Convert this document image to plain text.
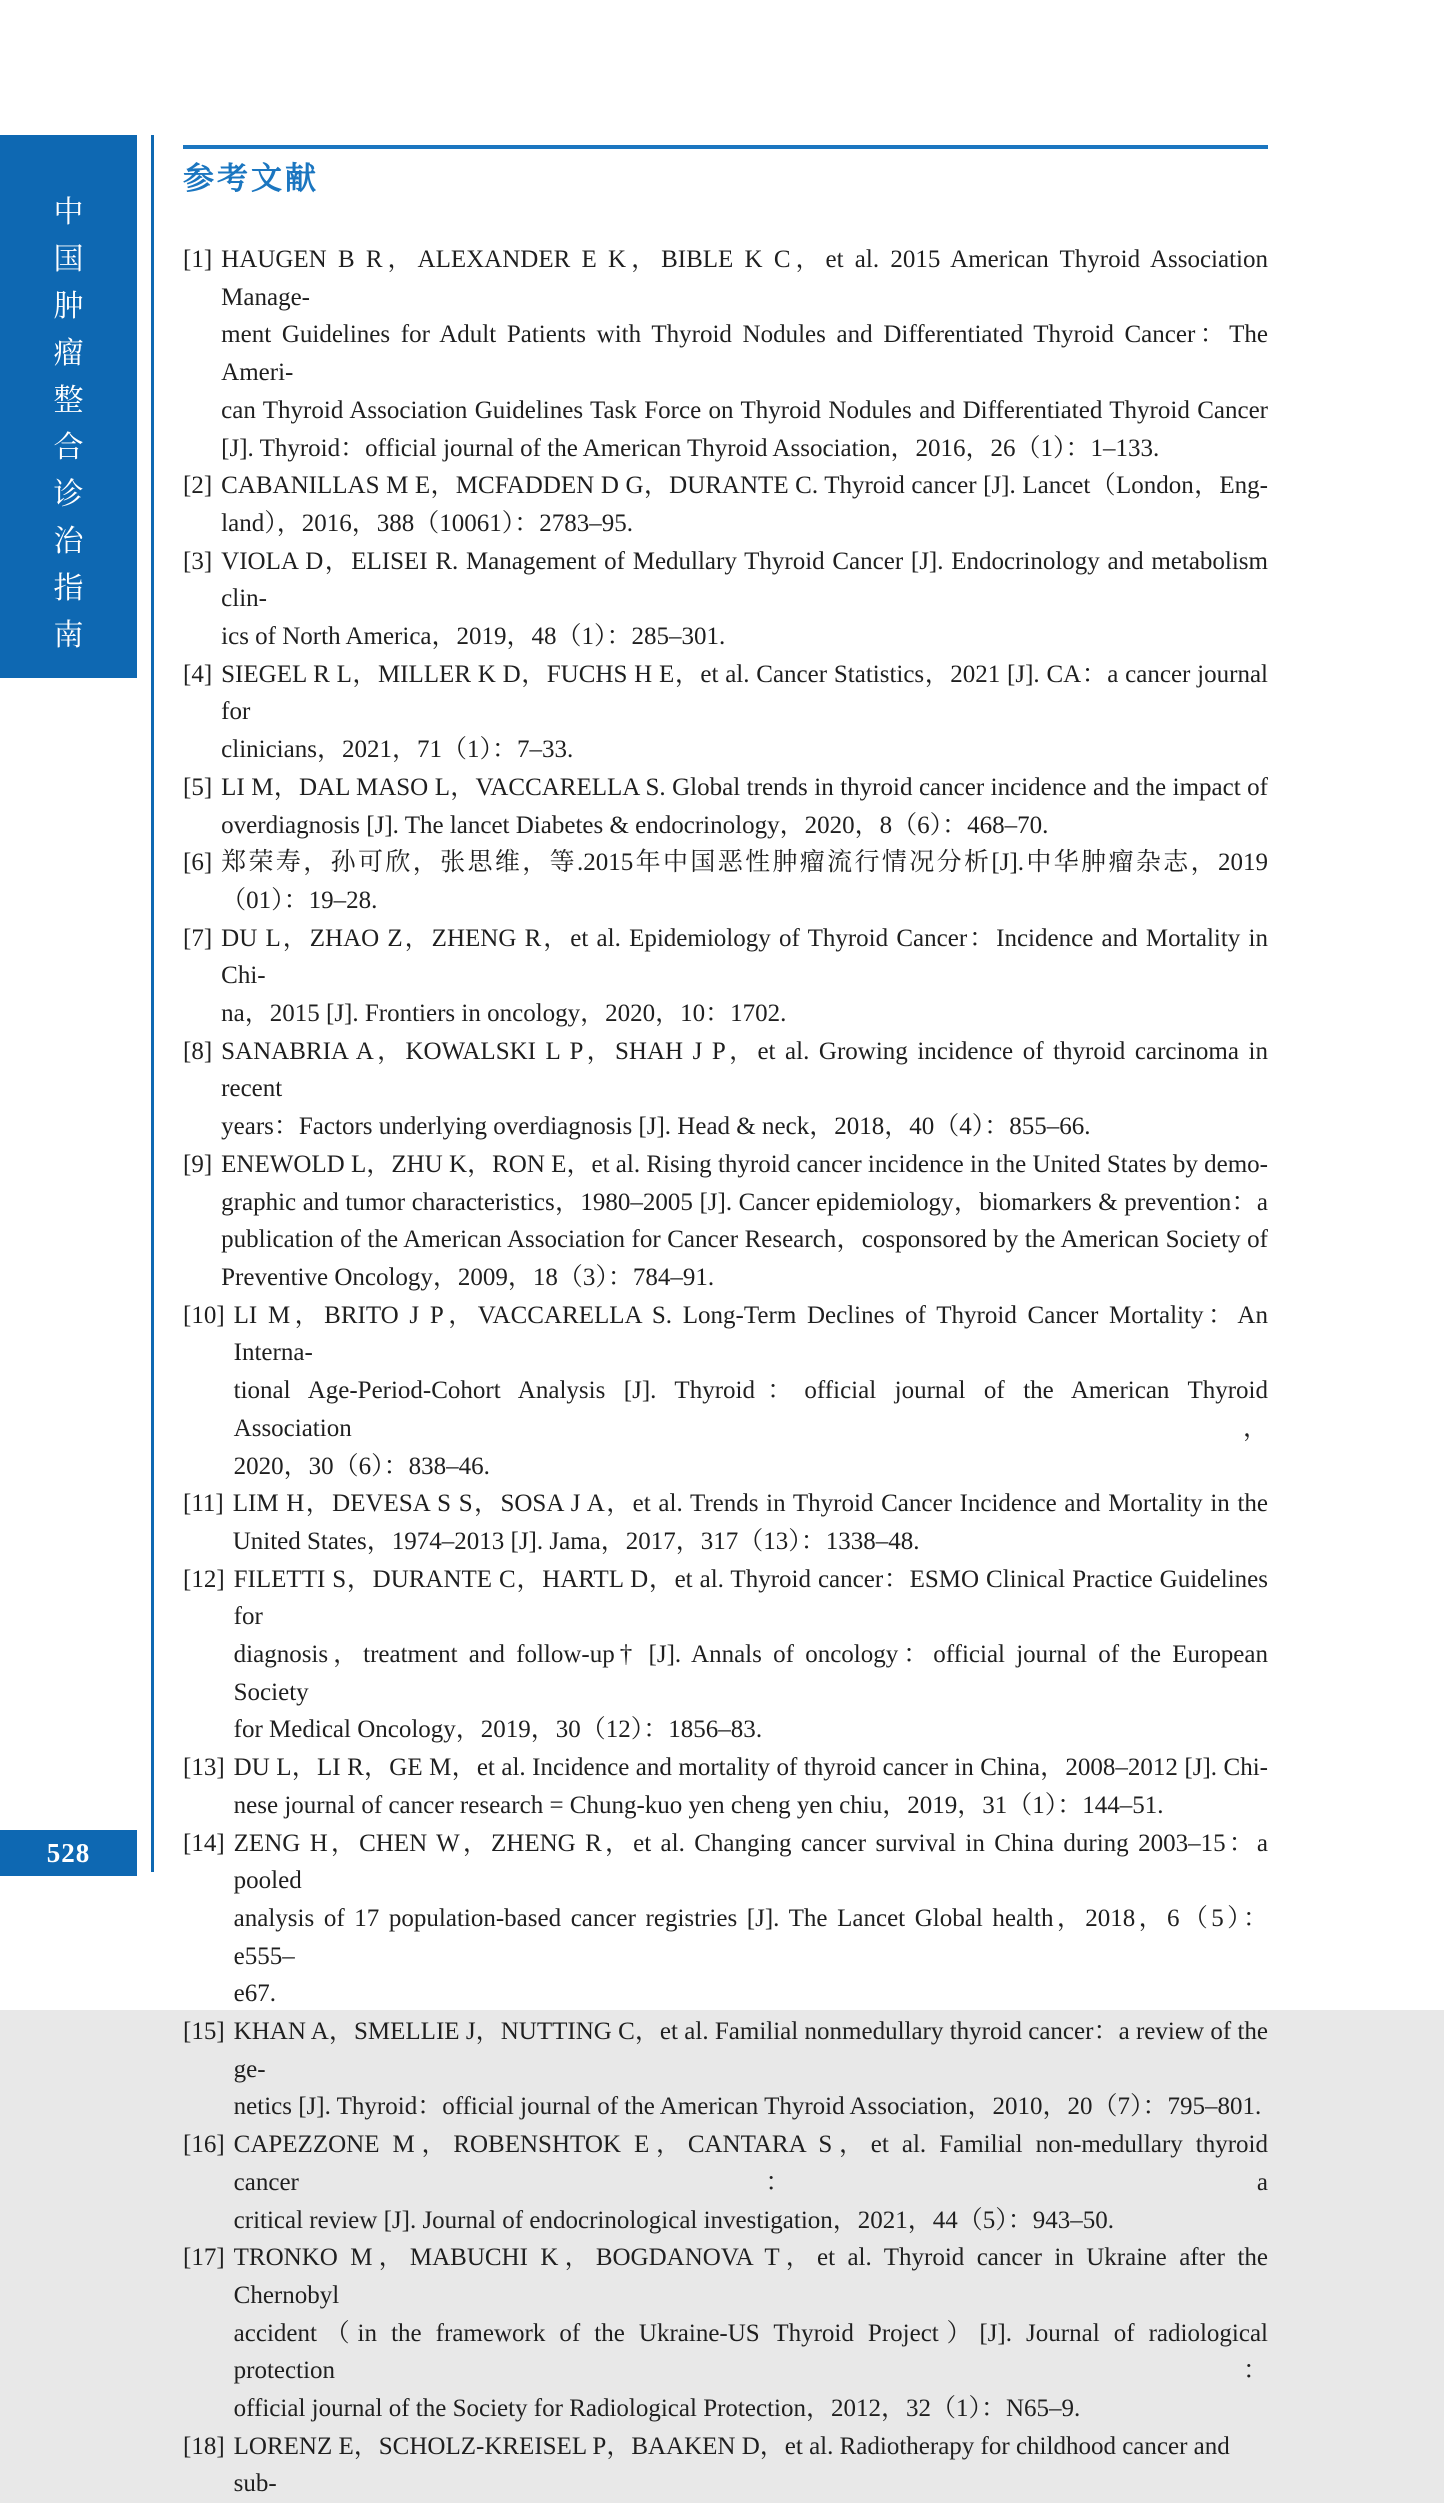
中
国
肿
瘤
整
合
诊
治
指
南
528
参考文献
[1] HAUGEN B R，ALEXANDER E K，BIBLE K C，et al. 2015 American Thyroid Association Manage-
ment Guidelines for Adult Patients with Thyroid Nodules and Differentiated Thyroid Cancer：The Ameri-
can Thyroid Association Guidelines Task Force on Thyroid Nodules and Differentiated Thyroid Cancer
[J]. Thyroid：official journal of the American Thyroid Association，2016，26（1）：1–133.
[2] CABANILLAS M E，MCFADDEN D G，DURANTE C. Thyroid cancer [J]. Lancet（London，Eng-
land），2016，388（10061）：2783–95.
[3] VIOLA D，ELISEI R. Management of Medullary Thyroid Cancer [J]. Endocrinology and metabolism clin-
ics of North America，2019，48（1）：285–301.
[4] SIEGEL R L，MILLER K D，FUCHS H E，et al. Cancer Statistics，2021 [J]. CA：a cancer journal for
clinicians，2021，71（1）：7–33.
[5] LI M，DAL MASO L，VACCARELLA S. Global trends in thyroid cancer incidence and the impact of
overdiagnosis [J]. The lancet Diabetes & endocrinology，2020，8（6）：468–70.
[6] 郑荣寿，孙可欣，张思维，等.2015年中国恶性肿瘤流行情况分析[J].中华肿瘤杂志，2019
（01）：19–28.
[7] DU L，ZHAO Z，ZHENG R，et al. Epidemiology of Thyroid Cancer：Incidence and Mortality in Chi-
na，2015 [J]. Frontiers in oncology，2020，10：1702.
[8] SANABRIA A，KOWALSKI L P，SHAH J P，et al. Growing incidence of thyroid carcinoma in recent
years：Factors underlying overdiagnosis [J]. Head & neck，2018，40（4）：855–66.
[9] ENEWOLD L，ZHU K，RON E，et al. Rising thyroid cancer incidence in the United States by demo-
graphic and tumor characteristics，1980–2005 [J]. Cancer epidemiology，biomarkers & prevention：a
publication of the American Association for Cancer Research，cosponsored by the American Society of
Preventive Oncology，2009，18（3）：784–91.
[10] LI M，BRITO J P，VACCARELLA S. Long-Term Declines of Thyroid Cancer Mortality：An Interna-
tional Age-Period-Cohort Analysis [J]. Thyroid：official journal of the American Thyroid Association，
2020，30（6）：838–46.
[11] LIM H，DEVESA S S，SOSA J A，et al. Trends in Thyroid Cancer Incidence and Mortality in the
United States，1974–2013 [J]. Jama，2017，317（13）：1338–48.
[12] FILETTI S，DURANTE C，HARTL D，et al. Thyroid cancer：ESMO Clinical Practice Guidelines for
diagnosis，treatment and follow-up† [J]. Annals of oncology：official journal of the European Society
for Medical Oncology，2019，30（12）：1856–83.
[13] DU L，LI R，GE M，et al. Incidence and mortality of thyroid cancer in China，2008–2012 [J]. Chi-
nese journal of cancer research = Chung-kuo yen cheng yen chiu，2019，31（1）：144–51.
[14] ZENG H，CHEN W，ZHENG R，et al. Changing cancer survival in China during 2003–15：a pooled
analysis of 17 population-based cancer registries [J]. The Lancet Global health，2018，6（5）：e555–
e67.
[15] KHAN A，SMELLIE J，NUTTING C，et al. Familial nonmedullary thyroid cancer：a review of the ge-
netics [J]. Thyroid：official journal of the American Thyroid Association，2010，20（7）：795–801.
[16] CAPEZZONE M，ROBENSHTOK E，CANTARA S，et al. Familial non-medullary thyroid cancer：a
critical review [J]. Journal of endocrinological investigation，2021，44（5）：943–50.
[17] TRONKO M，MABUCHI K，BOGDANOVA T，et al. Thyroid cancer in Ukraine after the Chernobyl
accident（in the framework of the Ukraine-US Thyroid Project）[J]. Journal of radiological protection：
official journal of the Society for Radiological Protection，2012，32（1）：N65–9.
[18] LORENZ E，SCHOLZ-KREISEL P，BAAKEN D，et al. Radiotherapy for childhood cancer and sub-
